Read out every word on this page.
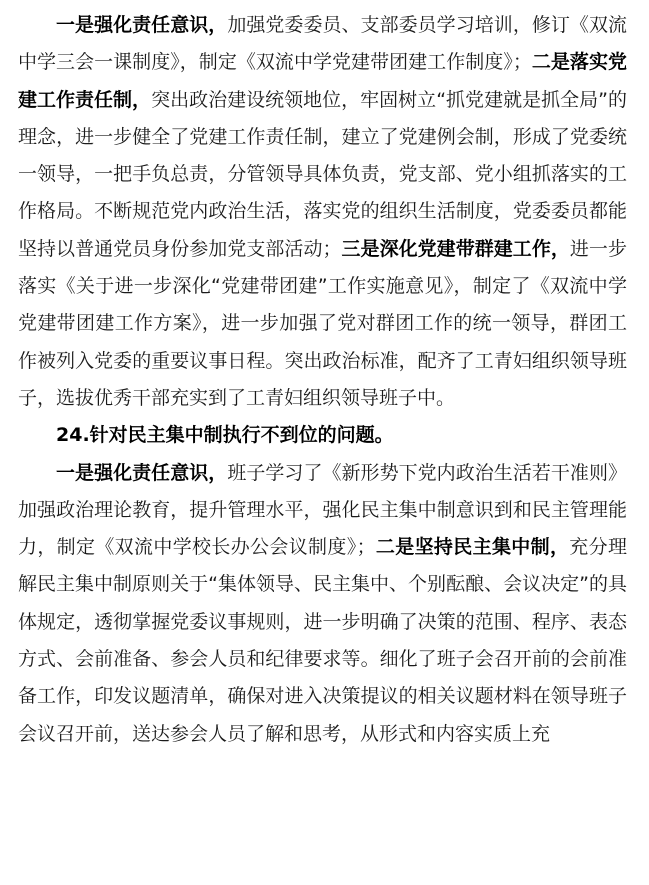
一是强化责任意识，加强党委委员、支部委员学习培训，修订《双流中学三会一课制度》，制定《双流中学党建带团建工作制度》；二是落实党建工作责任制，突出政治建设统领地位，牢固树立“抓党建就是抓全局”的理念，进一步健全了党建工作责任制，建立了党建例会制，形成了党委统一领导，一把手负总责，分管领导具体负责，党支部、党小组抓落实的工作格局。不断规范党内政治生活，落实党的组织生活制度，党委委员都能坚持以普通党员身份参加党支部活动；三是深化党建带群建工作，进一步落实《关于进一步深化“党建带团建”工作实施意见》，制定了《双流中学党建带团建工作方案》，进一步加强了党对群团工作的统一领导，群团工作被列入党委的重要议事日程。突出政治标准，配齐了工青妇组织领导班子，选拔优秀干部充实到了工青妇组织领导班子中。

24.针对民主集中制执行不到位的问题。

一是强化责任意识，班子学习了《新形势下党内政治生活若干准则》加强政治理论教育，提升管理水平，强化民主集中制意识到和民主管理能力，制定《双流中学校长办公会议制度》；二是坚持民主集中制，充分理解民主集中制原则关于“集体领导、民主集中、个别酝酿、会议决定”的具体规定，透彻掌握党委议事规则，进一步明确了决策的范围、程序、表态方式、会前准备、参会人员和纪律要求等。细化了班子会召开前的会前准备工作，印发议题清单，确保对进入决策提议的相关议题材料在领导班子会议召开前，送达参会人员了解和思考，从形式和内容实质上充
